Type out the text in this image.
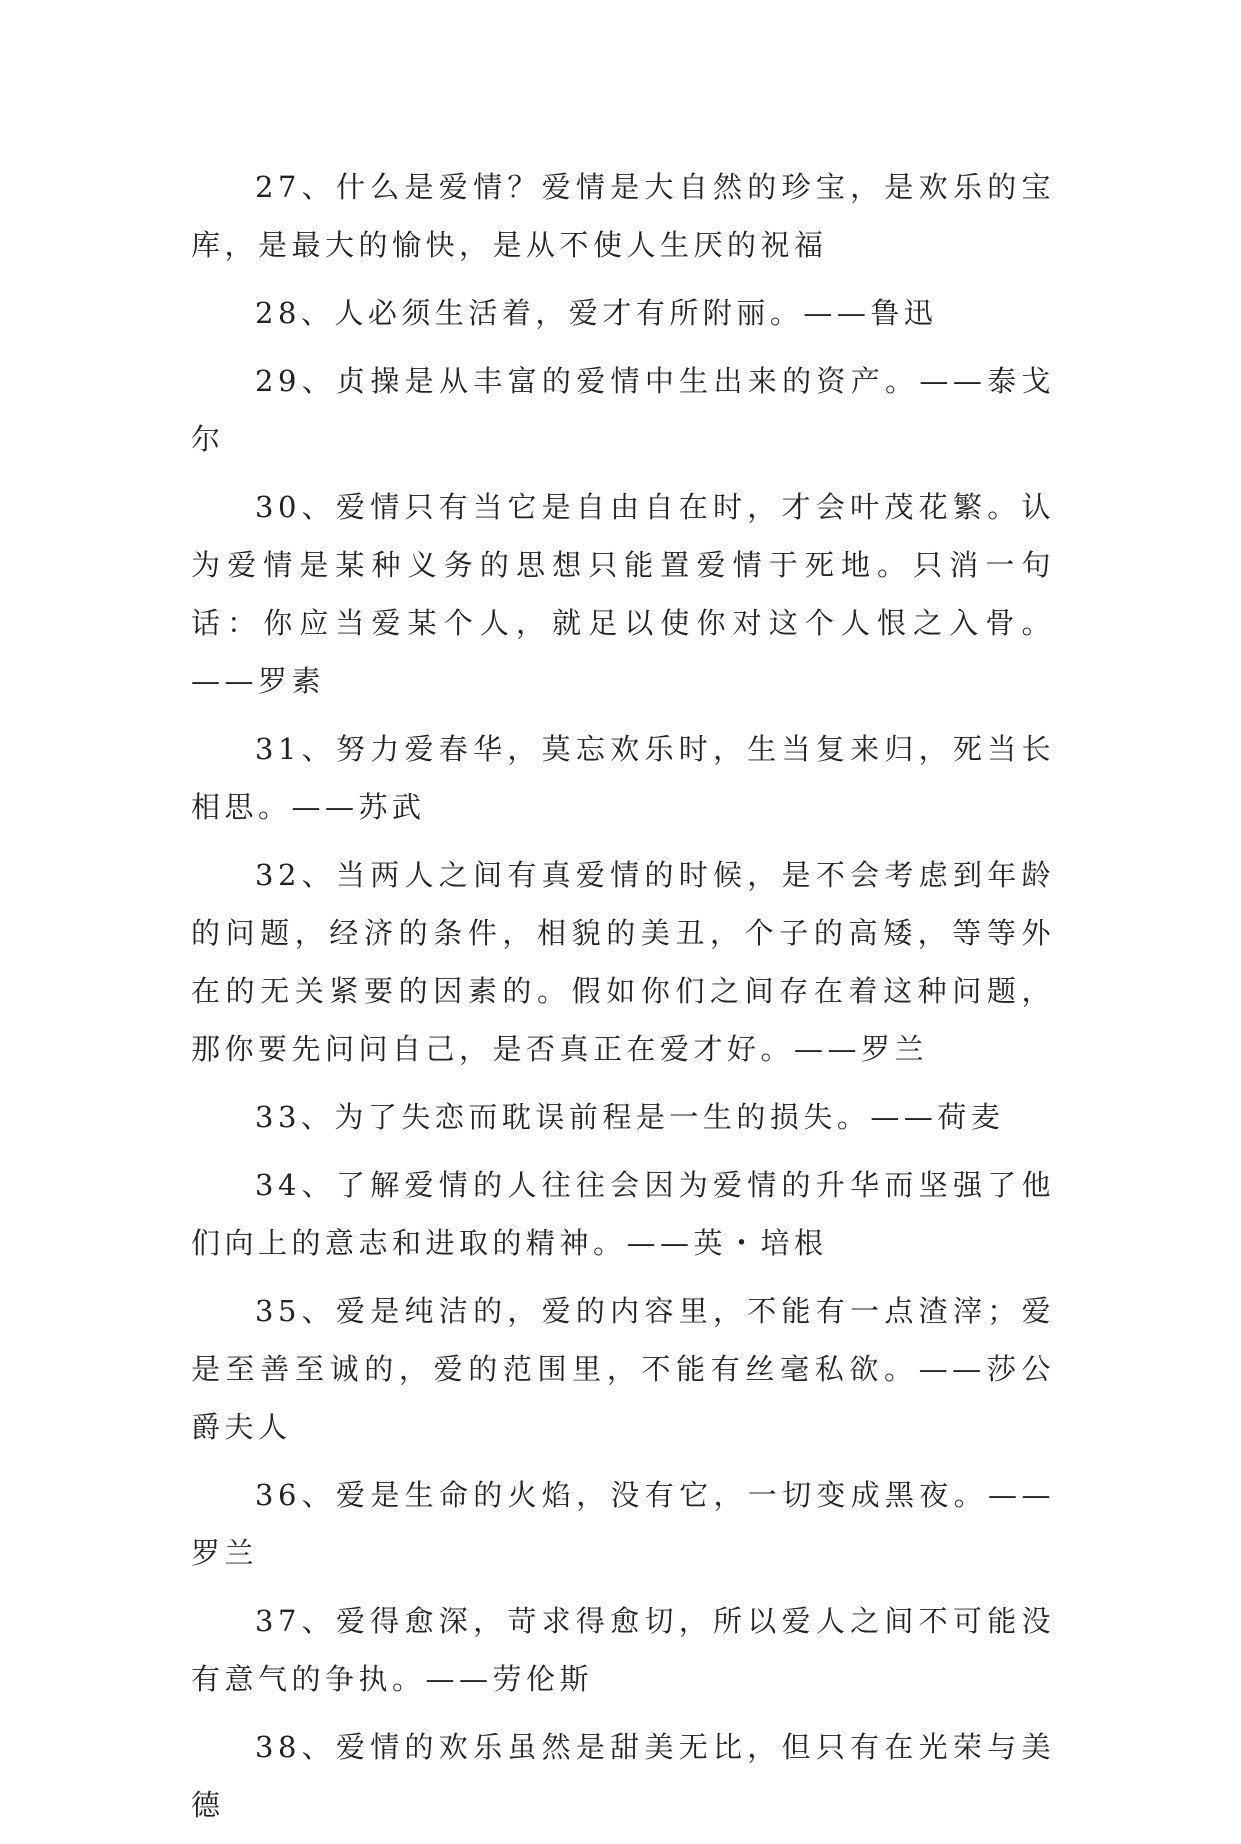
27、什么是爱情？爱情是大自然的珍宝，是欢乐的宝库，是最大的愉快，是从不使人生厌的祝福

28、人必须生活着，爱才有所附丽。——鲁迅

29、贞操是从丰富的爱情中生出来的资产。——泰戈尔

30、爱情只有当它是自由自在时，才会叶茂花繁。认为爱情是某种义务的思想只能置爱情于死地。只消一句话：你应当爱某个人，就足以使你对这个人恨之入骨。——罗素

31、努力爱春华，莫忘欢乐时，生当复来归，死当长相思。——苏武

32、当两人之间有真爱情的时候，是不会考虑到年龄的问题，经济的条件，相貌的美丑，个子的高矮，等等外在的无关紧要的因素的。假如你们之间存在着这种问题，那你要先问问自己，是否真正在爱才好。——罗兰

33、为了失恋而耽误前程是一生的损失。——荷麦

34、了解爱情的人往往会因为爱情的升华而坚强了他们向上的意志和进取的精神。——英・培根

35、爱是纯洁的，爱的内容里，不能有一点渣滓；爱是至善至诚的，爱的范围里，不能有丝毫私欲。——莎公爵夫人

36、爱是生命的火焰，没有它，一切变成黑夜。——罗兰

37、爱得愈深，苛求得愈切，所以爱人之间不可能没有意气的争执。——劳伦斯

38、爱情的欢乐虽然是甜美无比，但只有在光荣与美德
